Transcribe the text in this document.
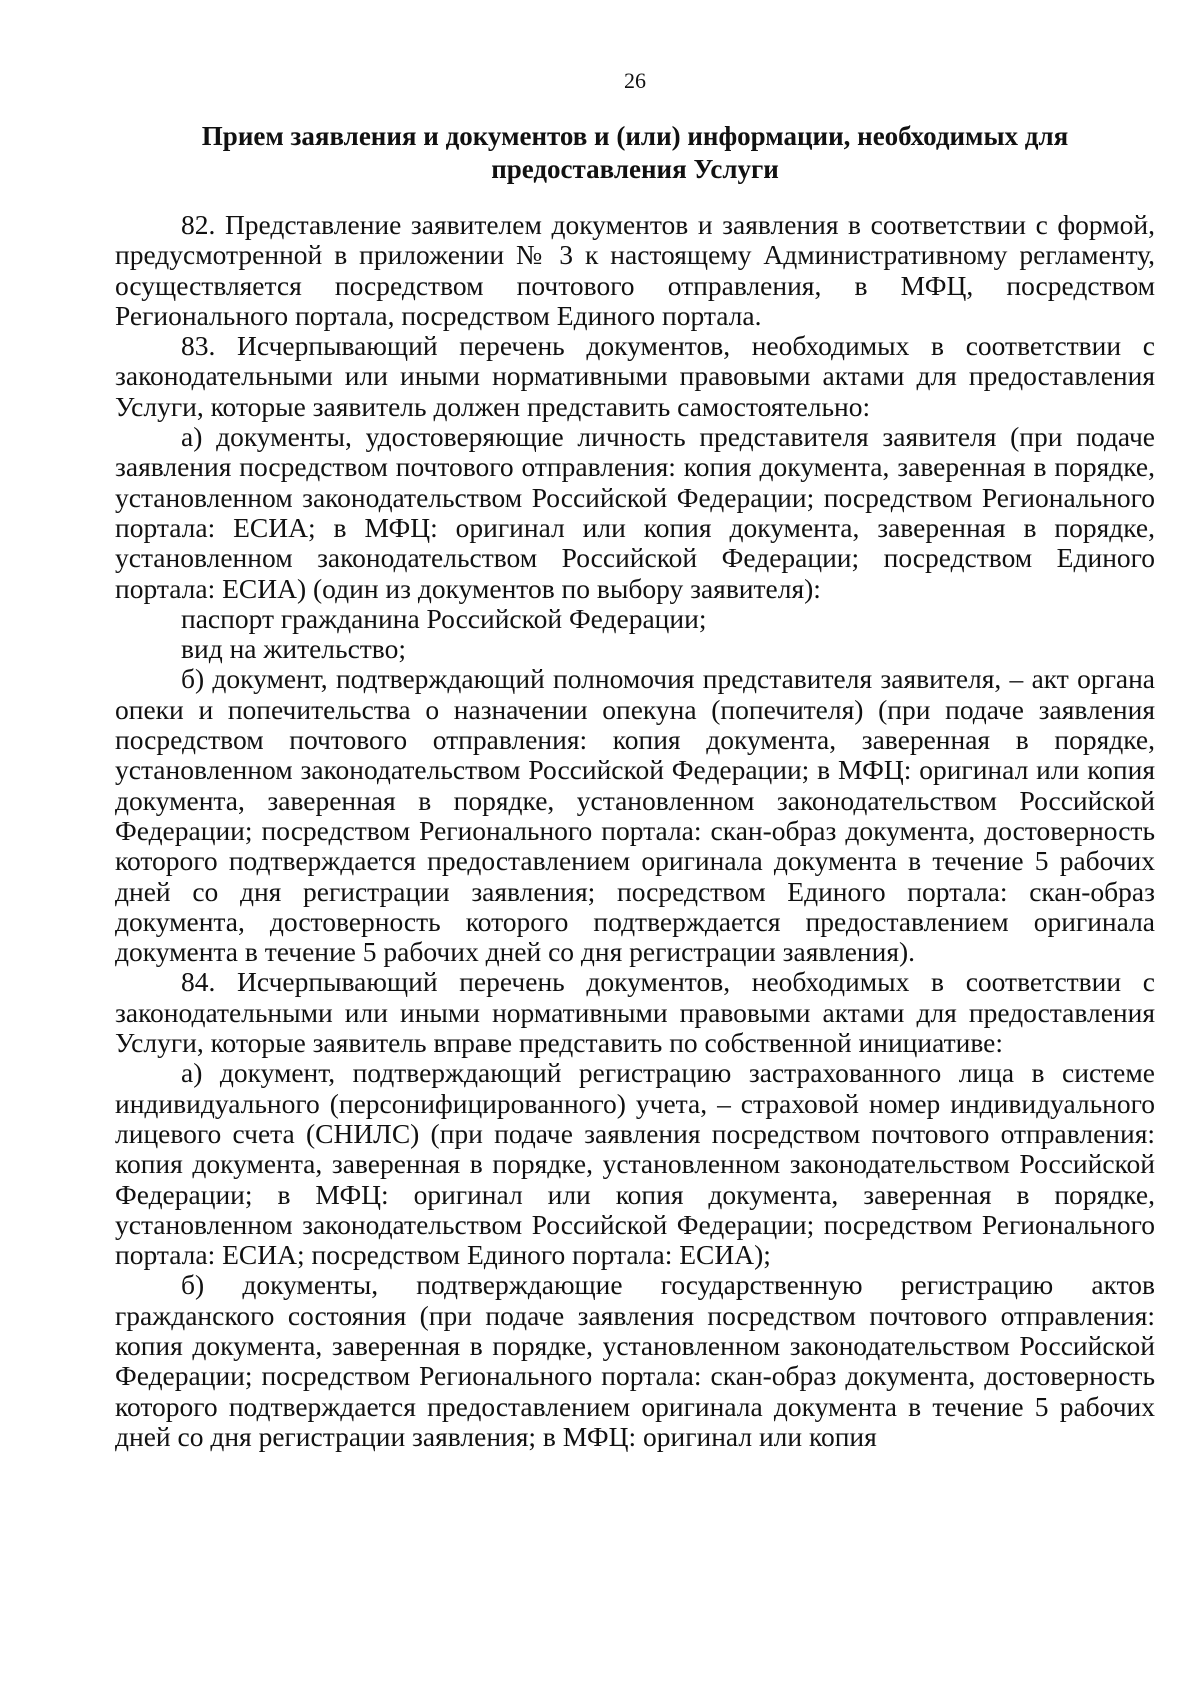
26
Прием заявления и документов и (или) информации, необходимых для
предоставления Услуги

82. Представление заявителем документов и заявления в соответствии с формой, предусмотренной в приложении № 3 к настоящему Административному регламенту, осуществляется посредством почтового отправления, в МФЦ, посредством Регионального портала, посредством Единого портала.

83. Исчерпывающий перечень документов, необходимых в соответствии с законодательными или иными нормативными правовыми актами для предоставления Услуги, которые заявитель должен представить самостоятельно:

а) документы, удостоверяющие личность представителя заявителя (при подаче заявления посредством почтового отправления: копия документа, заверенная в порядке, установленном законодательством Российской Федерации; посредством Регионального портала: ЕСИА; в МФЦ: оригинал или копия документа, заверенная в порядке, установленном законодательством Российской Федерации; посредством Единого портала: ЕСИА) (один из документов по выбору заявителя):

паспорт гражданина Российской Федерации;

вид на жительство;

б) документ, подтверждающий полномочия представителя заявителя, – акт органа опеки и попечительства о назначении опекуна (попечителя) (при подаче заявления посредством почтового отправления: копия документа, заверенная в порядке, установленном законодательством Российской Федерации; в МФЦ: оригинал или копия документа, заверенная в порядке, установленном законодательством Российской Федерации; посредством Регионального портала: скан-образ документа, достоверность которого подтверждается предоставлением оригинала документа в течение 5 рабочих дней со дня регистрации заявления; посредством Единого портала: скан-образ документа, достоверность которого подтверждается предоставлением оригинала документа в течение 5 рабочих дней со дня регистрации заявления).

84. Исчерпывающий перечень документов, необходимых в соответствии с законодательными или иными нормативными правовыми актами для предоставления Услуги, которые заявитель вправе представить по собственной инициативе:

а) документ, подтверждающий регистрацию застрахованного лица в системе индивидуального (персонифицированного) учета, – страховой номер индивидуального лицевого счета (СНИЛС) (при подаче заявления посредством почтового отправления: копия документа, заверенная в порядке, установленном законодательством Российской Федерации; в МФЦ: оригинал или копия документа, заверенная в порядке, установленном законодательством Российской Федерации; посредством Регионального портала: ЕСИА; посредством Единого портала: ЕСИА);

б) документы, подтверждающие государственную регистрацию актов гражданского состояния (при подаче заявления посредством почтового отправления: копия документа, заверенная в порядке, установленном законодательством Российской Федерации; посредством Регионального портала: скан-образ документа, достоверность которого подтверждается предоставлением оригинала документа в течение 5 рабочих дней со дня регистрации заявления; в МФЦ: оригинал или копия
